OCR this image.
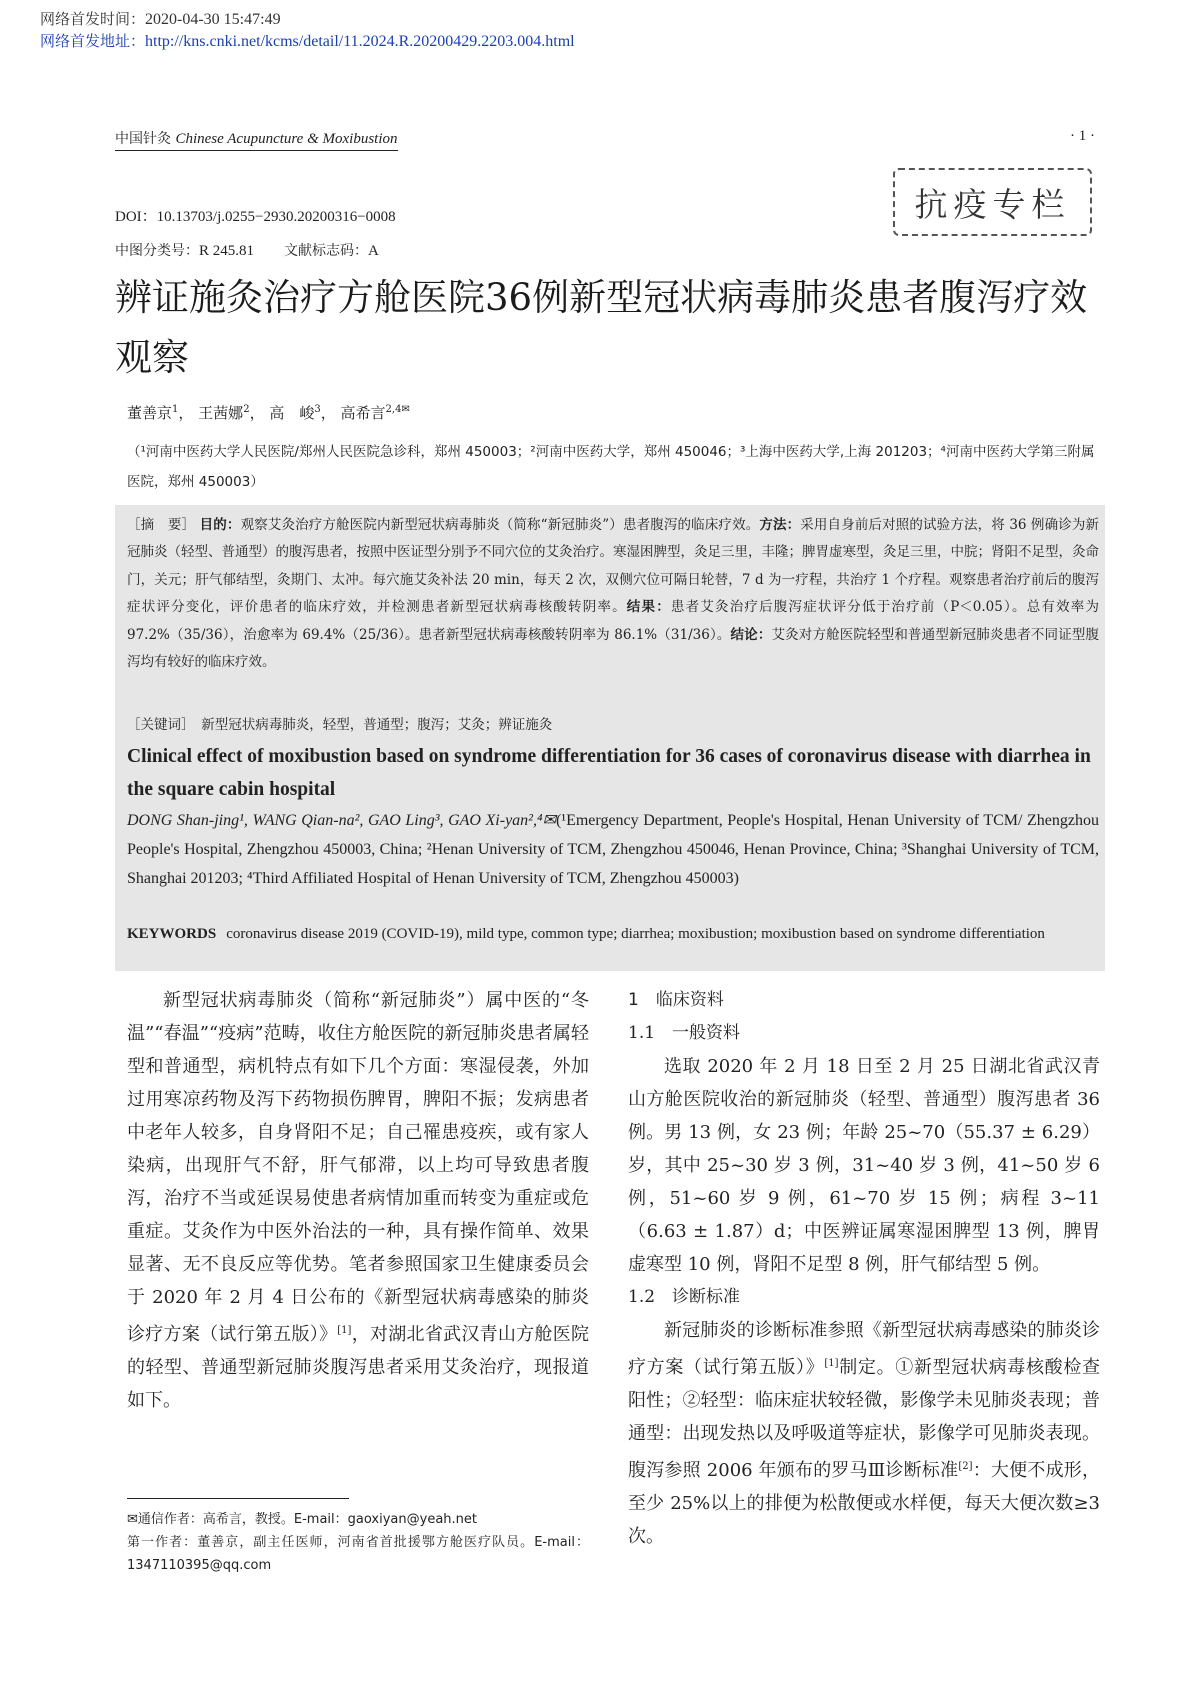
网络首发时间：2020-04-30 15:47:49
网络首发地址：http://kns.cnki.net/kcms/detail/11.2024.R.20200429.2203.004.html
中国针灸 Chinese Acupuncture & Moxibustion	· 1 ·
抗疫专栏
DOI：10.13703/j.0255−2930.20200316−0008
中图分类号：R 245.81 文献标志码：A
辨证施灸治疗方舱医院36例新型冠状病毒肺炎患者腹泻疗效观察
董善京$^1$， 王茜娜$^2$， 高　峻$^3$， 高希言$^{2,4✉}$
（¹河南中医药大学人民医院/郑州人民医院急诊科，郑州 450003；²河南中医药大学，郑州 450046；³上海中医药大学,上海 201203；⁴河南中医药大学第三附属医院，郑州 450003）
［摘　要］ 目的：观察艾灸治疗方舱医院内新型冠状病毒肺炎（简称“新冠肺炎”）患者腹泻的临床疗效。方法：采用自身前后对照的试验方法，将 36 例确诊为新冠肺炎（轻型、普通型）的腹泻患者，按照中医证型分别予不同穴位的艾灸治疗。寒湿困脾型，灸足三里，丰隆；脾胃虚寒型，灸足三里，中脘；肾阳不足型，灸命门，关元；肝气郁结型，灸期门、太冲。每穴施艾灸补法 20 min，每天 2 次，双侧穴位可隔日轮替，7 d 为一疗程，共治疗 1 个疗程。观察患者治疗前后的腹泻症状评分变化，评价患者的临床疗效，并检测患者新型冠状病毒核酸转阴率。结果：患者艾灸治疗后腹泻症状评分低于治疗前（P＜0.05）。总有效率为 97.2%（35/36），治愈率为 69.4%（25/36）。患者新型冠状病毒核酸转阴率为 86.1%（31/36）。结论：艾灸对方舱医院轻型和普通型新冠肺炎患者不同证型腹泻均有较好的临床疗效。
［关键词］　 新型冠状病毒肺炎，轻型，普通型；腹泻；艾灸；辨证施灸
Clinical effect of moxibustion based on syndrome differentiation for 36 cases of coronavirus disease with diarrhea in the square cabin hospital
DONG Shan-jing¹, WANG Qian-na², GAO Ling³, GAO Xi-yan²,⁴✉(¹Emergency Department, People's Hospital, Henan University of TCM/ Zhengzhou People's Hospital, Zhengzhou 450003, China; ²Henan University of TCM, Zhengzhou 450046, Henan Province, China; ³Shanghai University of TCM, Shanghai 201203; ⁴Third Affiliated Hospital of Henan University of TCM, Zhengzhou 450003)
KEYWORDS coronavirus disease 2019 (COVID-19), mild type, common type; diarrhea; moxibustion; moxibustion based on syndrome differentiation

新型冠状病毒肺炎（简称“新冠肺炎”）属中医的“冬温”“春温”“疫病”范畴，收住方舱医院的新冠肺炎患者属轻型和普通型，病机特点有如下几个方面：寒湿侵袭，外加过用寒凉药物及泻下药物损伤脾胃，脾阳不振；发病患者中老年人较多，自身肾阳不足；自己罹患疫疾，或有家人染病，出现肝气不舒，肝气郁滞，以上均可导致患者腹泻，治疗不当或延误易使患者病情加重而转变为重症或危重症。艾灸作为中医外治法的一种，具有操作简单、效果显著、无不良反应等优势。笔者参照国家卫生健康委员会于 2020 年 2 月 4 日公布的《新型冠状病毒感染的肺炎诊疗方案（试行第五版）》[1]，对湖北省武汉青山方舱医院的轻型、普通型新冠肺炎腹泻患者采用艾灸治疗，现报道如下。

1　临床资料
1.1　一般资料

选取 2020 年 2 月 18 日至 2 月 25 日湖北省武汉青山方舱医院收治的新冠肺炎（轻型、普通型）腹泻患者 36 例。男 13 例，女 23 例；年龄 25~70（55.37 ± 6.29）岁，其中 25~30 岁 3 例，31~40 岁 3 例，41~50 岁 6 例，51~60 岁 9 例，61~70 岁 15 例；病程 3~11（6.63 ± 1.87）d；中医辨证属寒湿困脾型 13 例，脾胃虚寒型 10 例，肾阳不足型 8 例，肝气郁结型 5 例。

1.2　诊断标准

新冠肺炎的诊断标准参照《新型冠状病毒感染的肺炎诊疗方案（试行第五版）》[1]制定。①新型冠状病毒核酸检查阳性；②轻型：临床症状较轻微，影像学未见肺炎表现；普通型：出现发热以及呼吸道等症状，影像学可见肺炎表现。腹泻参照 2006 年颁布的罗马Ⅲ诊断标准[2]：大便不成形，至少 25%以上的排便为松散便或水样便，每天大便次数≥3 次。

✉通信作者：高希言，教授。E-mail：gaoxiyan@yeah.net
第一作者：董善京，副主任医师，河南省首批援鄂方舱医疗队员。E-mail：1347110395@qq.com
